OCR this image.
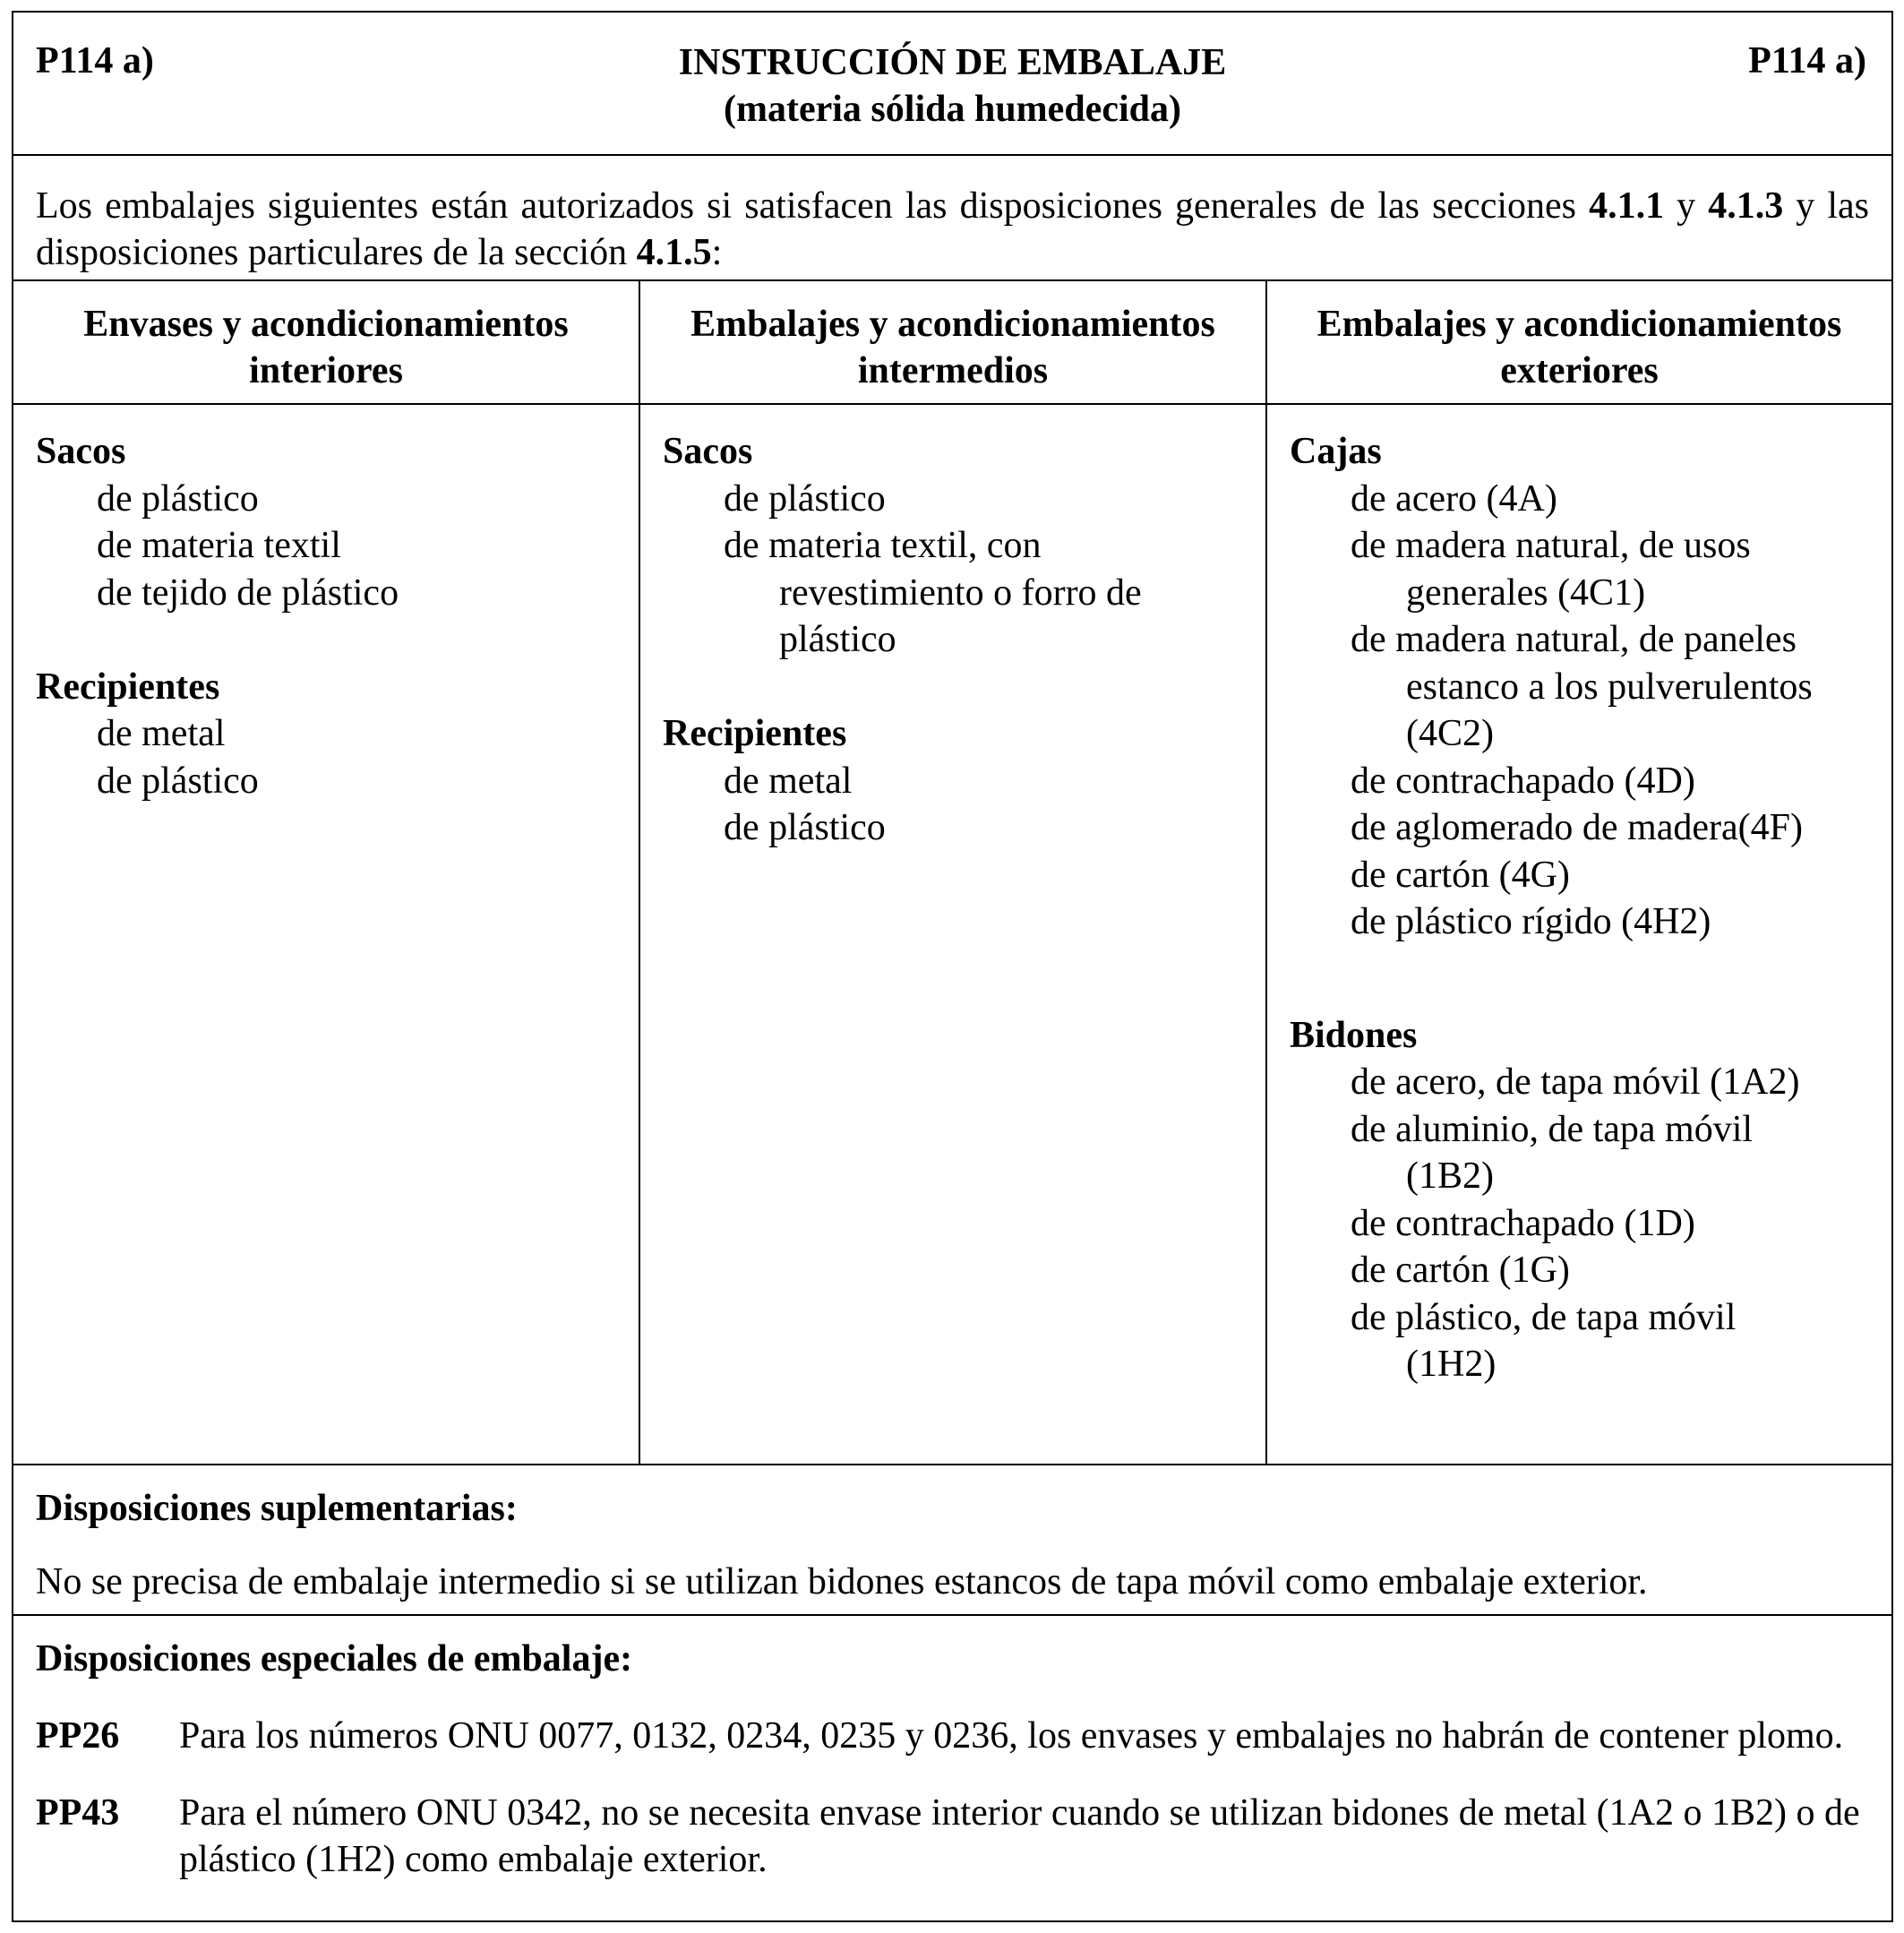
P114 a)	INSTRUCCIÓN DE EMBALAJE
(materia sólida humedecida)
P114 a)
Los embalajes siguientes están autorizados si satisfacen las disposiciones generales de las secciones 4.1.1 y 4.1.3 y las disposiciones particulares de la sección 4.1.5:
Envases y acondicionamientos
interiores
Sacos
de plástico
de materia textil
de tejido de plástico
Recipientes
de metal
de plástico
Embalajes y acondicionamientos
intermedios
Sacos
de plástico
de materia textil, con
revestimiento o forro de
plástico
Recipientes
de metal
de plástico
Embalajes y acondicionamientos
exteriores
Cajas
de acero (4A)
de madera natural, de usos
generales (4C1)
de madera natural, de paneles
estanco a los pulverulentos
(4C2)
de contrachapado (4D)
de aglomerado de madera(4F)
de cartón (4G)
de plástico rígido (4H2)
Bidones
de acero, de tapa móvil (1A2)
de aluminio, de tapa móvil
(1B2)
de contrachapado (1D)
de cartón (1G)
de plástico, de tapa móvil
(1H2)
Disposiciones suplementarias:
No se precisa de embalaje intermedio si se utilizan bidones estancos de tapa móvil como embalaje exterior.
Disposiciones especiales de embalaje:
PP26 Para los números ONU 0077, 0132, 0234, 0235 y 0236, los envases y embalajes no habrán de contener plomo.
PP43 Para el número ONU 0342, no se necesita envase interior cuando se utilizan bidones de metal (1A2 o 1B2) o de plástico (1H2) como embalaje exterior.
